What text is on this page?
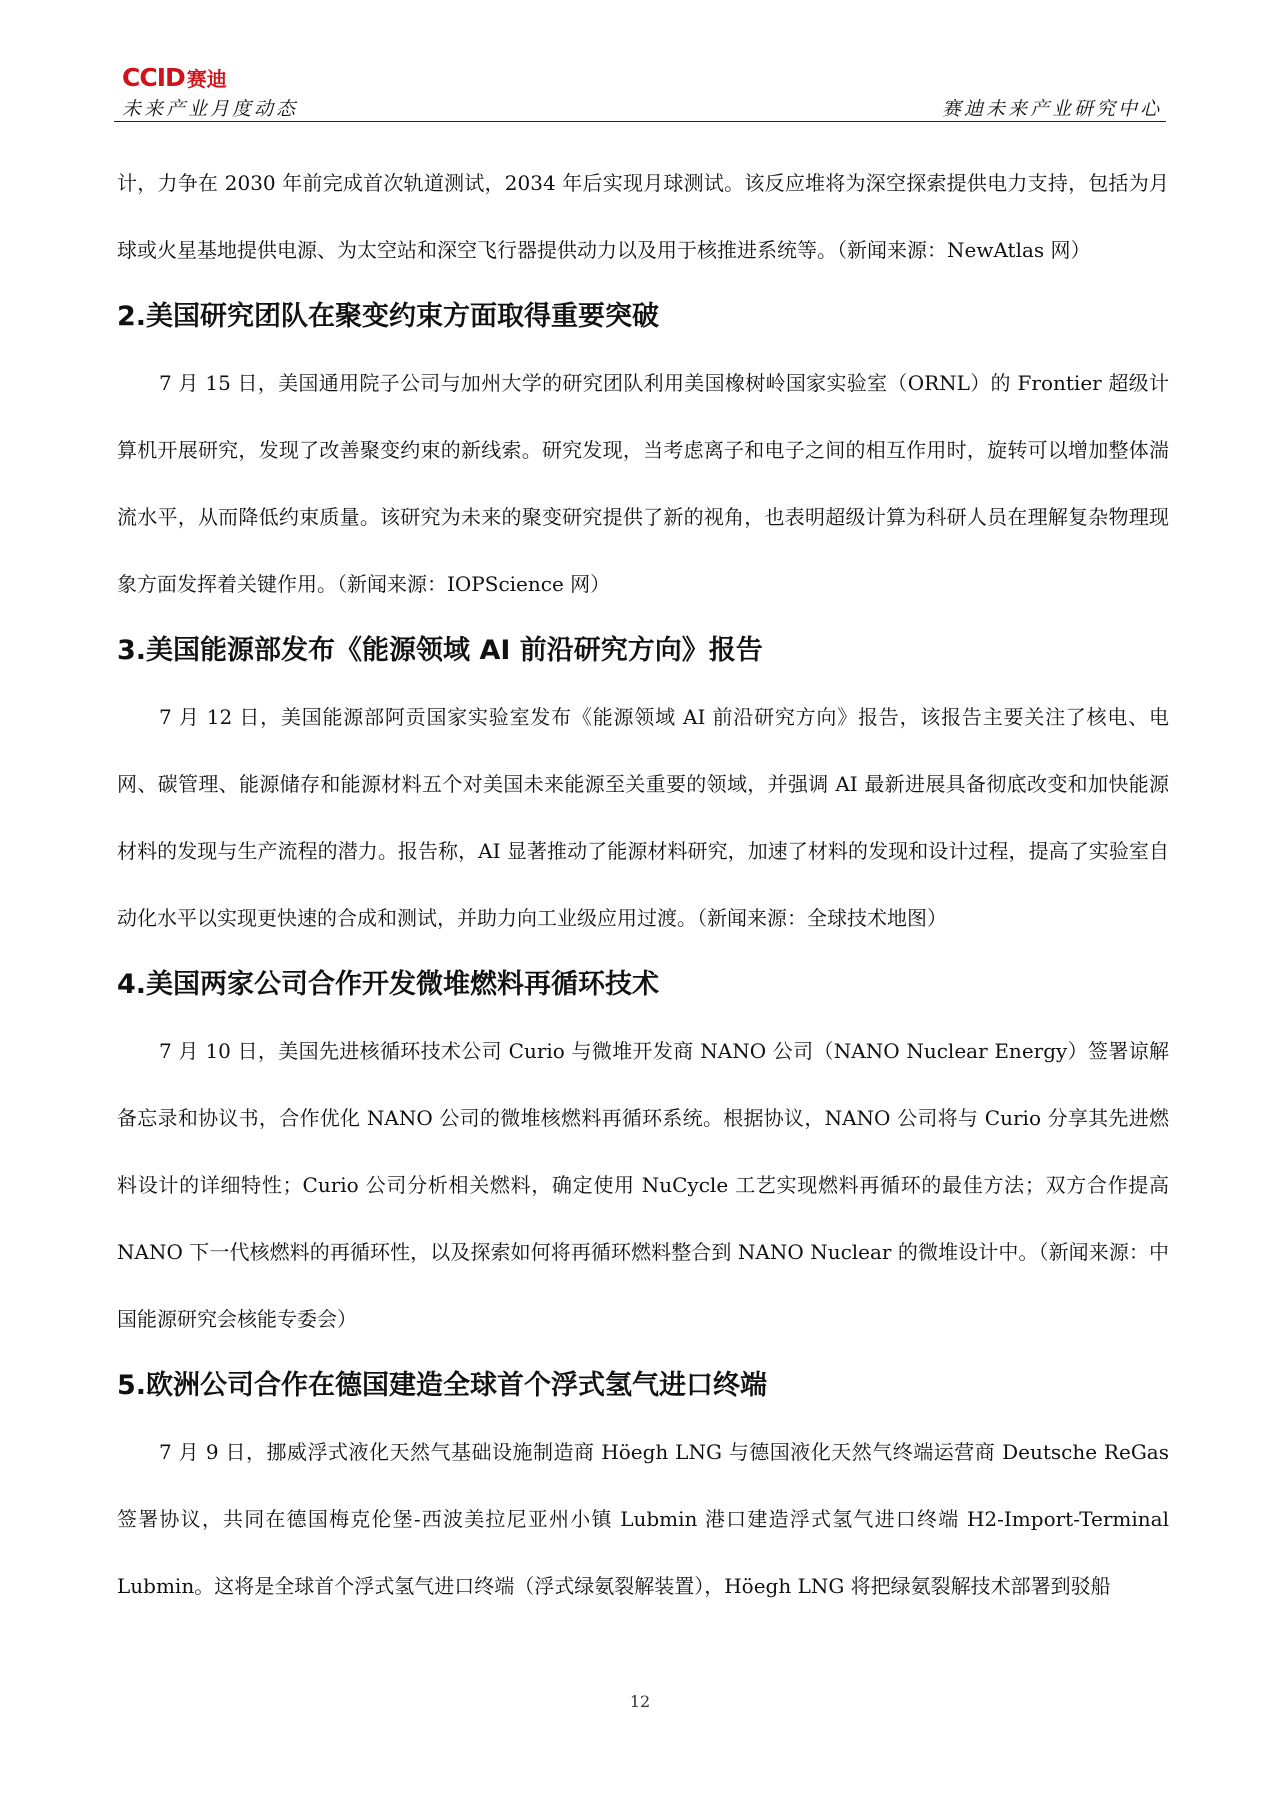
CCID 赛迪
未来产业月度动态	赛迪未来产业研究中心

计，力争在 2030 年前完成首次轨道测试，2034 年后实现月球测试。该反应堆将为深空探索提供电力支持，包括为月球或火星基地提供电源、为太空站和深空飞行器提供动力以及用于核推进系统等。（新闻来源：NewAtlas 网）

2.美国研究团队在聚变约束方面取得重要突破

7 月 15 日，美国通用院子公司与加州大学的研究团队利用美国橡树岭国家实验室（ORNL）的 Frontier 超级计算机开展研究，发现了改善聚变约束的新线索。研究发现，当考虑离子和电子之间的相互作用时，旋转可以增加整体湍流水平，从而降低约束质量。该研究为未来的聚变研究提供了新的视角，也表明超级计算为科研人员在理解复杂物理现象方面发挥着关键作用。（新闻来源：IOPScience 网）

3.美国能源部发布《能源领域 AI 前沿研究方向》报告

7 月 12 日，美国能源部阿贡国家实验室发布《能源领域 AI 前沿研究方向》报告，该报告主要关注了核电、电网、碳管理、能源储存和能源材料五个对美国未来能源至关重要的领域，并强调 AI 最新进展具备彻底改变和加快能源材料的发现与生产流程的潜力。报告称，AI 显著推动了能源材料研究，加速了材料的发现和设计过程，提高了实验室自动化水平以实现更快速的合成和测试，并助力向工业级应用过渡。（新闻来源：全球技术地图）

4.美国两家公司合作开发微堆燃料再循环技术

7 月 10 日，美国先进核循环技术公司 Curio 与微堆开发商 NANO 公司（NANO Nuclear Energy）签署谅解备忘录和协议书，合作优化 NANO 公司的微堆核燃料再循环系统。根据协议，NANO 公司将与 Curio 分享其先进燃料设计的详细特性；Curio 公司分析相关燃料，确定使用 NuCycle 工艺实现燃料再循环的最佳方法；双方合作提高 NANO 下一代核燃料的再循环性，以及探索如何将再循环燃料整合到 NANO Nuclear 的微堆设计中。（新闻来源：中国能源研究会核能专委会）

5.欧洲公司合作在德国建造全球首个浮式氢气进口终端

7 月 9 日，挪威浮式液化天然气基础设施制造商 Höegh LNG 与德国液化天然气终端运营商 Deutsche ReGas 签署协议，共同在德国梅克伦堡-西波美拉尼亚州小镇 Lubmin 港口建造浮式氢气进口终端 H2-Import-Terminal Lubmin。这将是全球首个浮式氢气进口终端（浮式绿氨裂解装置），Höegh LNG 将把绿氨裂解技术部署到驳船

12
